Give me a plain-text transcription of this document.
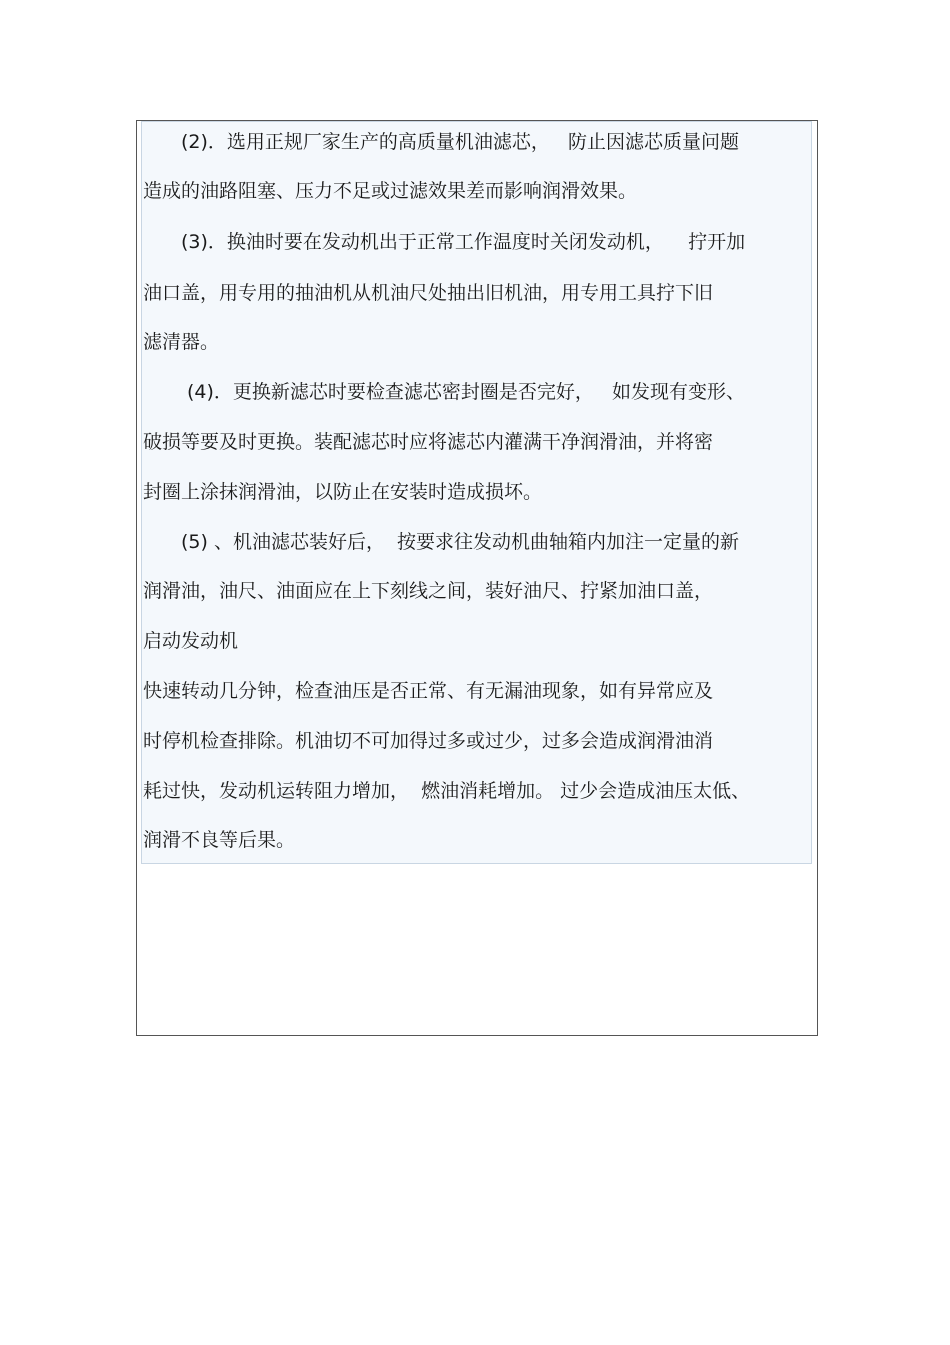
(2)．选用正规厂家生产的高质量机油滤芯，   防止因滤芯质量问题
造成的油路阻塞、压力不足或过滤效果差而影响润滑效果。
(3)．换油时要在发动机出于正常工作温度时关闭发动机，    拧开加
油口盖，用专用的抽油机从机油尺处抽出旧机油，用专用工具拧下旧
滤清器。
(4)．更换新滤芯时要检查滤芯密封圈是否完好，   如发现有变形、
破损等要及时更换。装配滤芯时应将滤芯内灌满干净润滑油，并将密
封圈上涂抹润滑油，以防止在安装时造成损坏。
(5) 、机油滤芯装好后，  按要求往发动机曲轴箱内加注一定量的新
润滑油，油尺、油面应在上下刻线之间，装好油尺、拧紧加油口盖，
启动发动机
快速转动几分钟，检查油压是否正常、有无漏油现象，如有异常应及
时停机检查排除。机油切不可加得过多或过少，过多会造成润滑油消
耗过快，发动机运转阻力增加，  燃油消耗增加。 过少会造成油压太低、
润滑不良等后果。
